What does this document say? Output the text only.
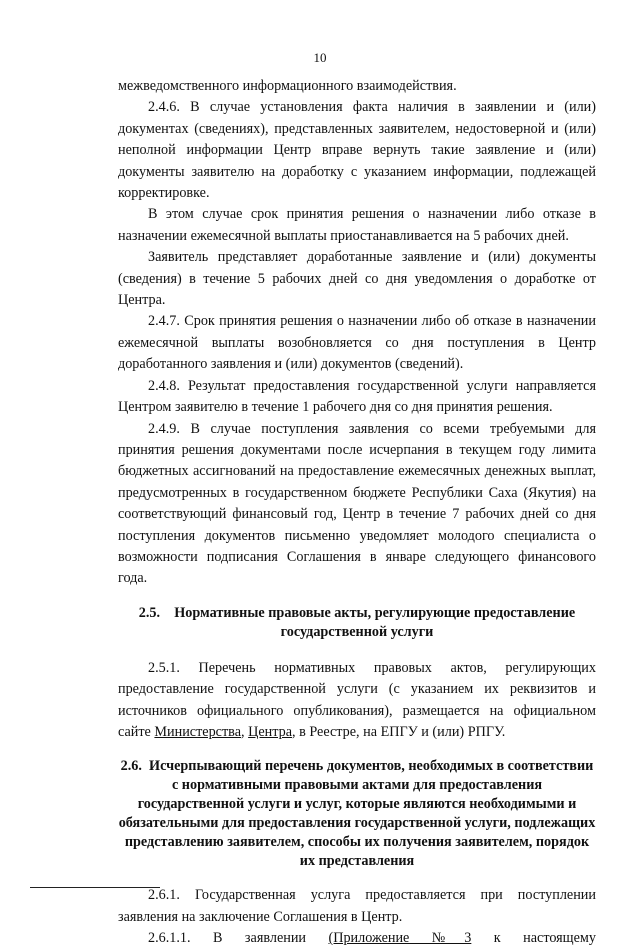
10

межведомственного информационного взаимодействия.

2.4.6. В случае установления факта наличия в заявлении и (или) документах (сведениях), представленных заявителем, недостоверной и (или) неполной информации Центр вправе вернуть такие заявление и (или) документы заявителю на доработку с указанием информации, подлежащей корректировке.

В этом случае срок принятия решения о назначении либо отказе в назначении ежемесячной выплаты приостанавливается на 5 рабочих дней.

Заявитель представляет доработанные заявление и (или) документы (сведения) в течение 5 рабочих дней со дня уведомления о доработке от Центра.

2.4.7. Срок принятия решения о назначении либо об отказе в назначении ежемесячной выплаты возобновляется со дня поступления в Центр доработанного заявления и (или) документов (сведений).

2.4.8. Результат предоставления государственной услуги направляется Центром заявителю в течение 1 рабочего дня со дня принятия решения.

2.4.9. В случае поступления заявления со всеми требуемыми для принятия решения документами после исчерпания в текущем году лимита бюджетных ассигнований на предоставление ежемесячных денежных выплат, предусмотренных в государственном бюджете Республики Саха (Якутия) на соответствующий финансовый год, Центр в течение 7 рабочих дней со дня поступления документов письменно уведомляет молодого специалиста о возможности подписания Соглашения в январе следующего финансового года.

2.5. Нормативные правовые акты, регулирующие предоставление государственной услуги

2.5.1. Перечень нормативных правовых актов, регулирующих предоставление государственной услуги (с указанием их реквизитов и источников официального опубликования), размещается на официальном сайте Министерства, Центра, в Реестре, на ЕПГУ и (или) РПГУ.

2.6. Исчерпывающий перечень документов, необходимых в соответствии с нормативными правовыми актами для предоставления государственной услуги и услуг, которые являются необходимыми и обязательными для предоставления государственной услуги, подлежащих представлению заявителем, способы их получения заявителем, порядок их представления

2.6.1. Государственная услуга предоставляется при поступлении заявления на заключение Соглашения в Центр.

2.6.1.1. В заявлении (Приложение №3 к настоящему
